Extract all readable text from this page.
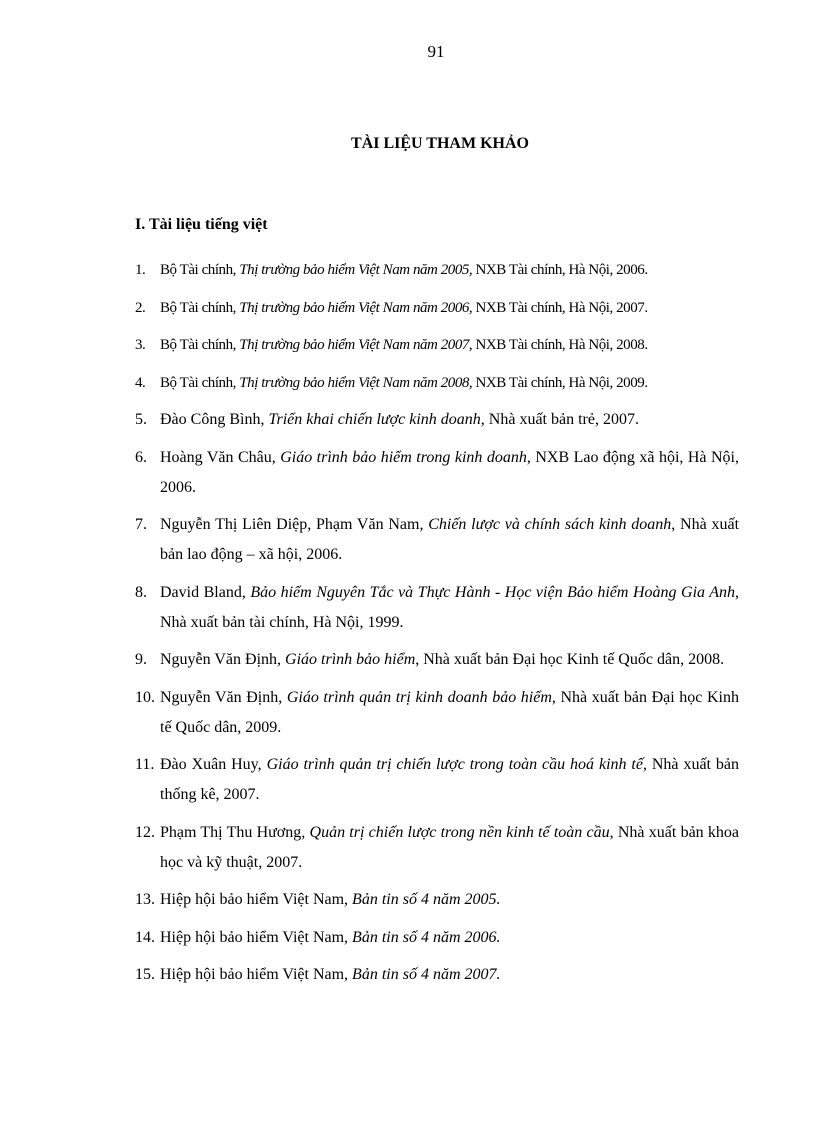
91
TÀI LIỆU THAM KHẢO
I. Tài liệu tiếng việt
1. Bộ Tài chính, Thị trường bảo hiểm Việt Nam năm 2005, NXB Tài chính, Hà Nội, 2006.
2. Bộ Tài chính, Thị trường bảo hiểm Việt Nam năm 2006, NXB Tài chính, Hà Nội, 2007.
3. Bộ Tài chính, Thị trường bảo hiểm Việt Nam năm 2007, NXB Tài chính, Hà Nội, 2008.
4. Bộ Tài chính, Thị trường bảo hiểm Việt Nam năm 2008, NXB Tài chính, Hà Nội, 2009.
5. Đào Công Bình, Triển khai chiến lược kinh doanh, Nhà xuất bản trẻ, 2007.
6. Hoàng Văn Châu, Giáo trình bảo hiểm trong kinh doanh, NXB Lao động xã hội, Hà Nội, 2006.
7. Nguyễn Thị Liên Diệp, Phạm Văn Nam, Chiến lược và chính sách kinh doanh, Nhà xuất bản lao động – xã hội, 2006.
8. David Bland, Bảo hiểm Nguyên Tắc và Thực Hành - Học viện Bảo hiểm Hoàng Gia Anh, Nhà xuất bản tài chính, Hà Nội, 1999.
9. Nguyễn Văn Định, Giáo trình bảo hiểm, Nhà xuất bản Đại học Kinh tế Quốc dân, 2008.
10. Nguyễn Văn Định, Giáo trình quản trị kinh doanh bảo hiểm, Nhà xuất bản Đại học Kinh tế Quốc dân, 2009.
11. Đào Xuân Huy, Giáo trình quản trị chiến lược trong toàn cầu hoá kinh tế, Nhà xuất bản thống kê, 2007.
12. Phạm Thị Thu Hương, Quản trị chiến lược trong nền kinh tế toàn cầu, Nhà xuất bản khoa học và kỹ thuật, 2007.
13. Hiệp hội bảo hiểm Việt Nam, Bản tin số 4 năm 2005.
14. Hiệp hội bảo hiểm Việt Nam, Bản tin số 4 năm 2006.
15. Hiệp hội bảo hiểm Việt Nam, Bản tin số 4 năm 2007.
